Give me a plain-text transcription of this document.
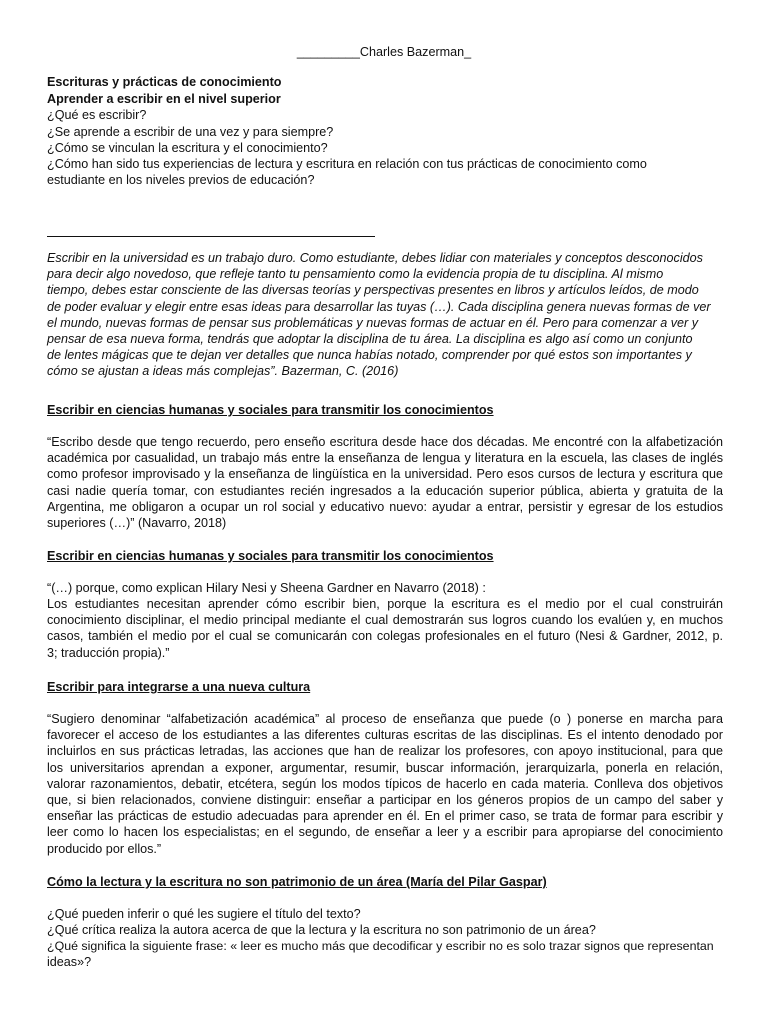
_________Charles Bazerman_
Escrituras y prácticas de conocimiento
Aprender a escribir en el nivel superior
¿Qué es escribir?
¿Se aprende a escribir de una vez y para siempre?
¿Cómo se vinculan la escritura y el conocimiento?
¿Cómo han sido tus experiencias de lectura y escritura en relación con tus prácticas de conocimiento como
estudiante en los niveles previos de educación?
Escribir en la universidad es un trabajo duro. Como estudiante, debes lidiar con materiales y conceptos desconocidos
para decir algo novedoso, que refleje tanto tu pensamiento como la evidencia propia de tu disciplina. Al mismo
tiempo, debes estar consciente de las diversas teorías y perspectivas presentes en libros y artículos leídos, de modo
de poder evaluar y elegir entre esas ideas para desarrollar las tuyas (…). Cada disciplina genera nuevas formas de ver
el mundo, nuevas formas de pensar sus problemáticas y nuevas formas de actuar en él. Pero para comenzar a ver y
pensar de esa nueva forma, tendrás que adoptar la disciplina de tu área. La disciplina es algo así como un conjunto
de lentes mágicas que te dejan ver detalles que nunca habías notado, comprender por qué estos son importantes y
cómo se ajustan a ideas más complejas”. Bazerman, C. (2016)
Escribir en ciencias humanas y sociales para transmitir los conocimientos
“Escribo desde que tengo recuerdo, pero enseño escritura desde hace dos décadas. Me encontré con la alfabetización
académica por casualidad, un trabajo más entre la enseñanza de lengua y literatura en la escuela, las clases de inglés
como profesor improvisado y la enseñanza de lingüística en la universidad. Pero esos cursos de lectura y escritura que
casi nadie quería tomar, con estudiantes recién ingresados a la educación superior pública, abierta y gratuita de la
Argentina, me obligaron a ocupar un rol social y educativo nuevo: ayudar a entrar, persistir y egresar de los estudios
superiores (…)” (Navarro, 2018)
Escribir en ciencias humanas y sociales para transmitir los conocimientos
“(…) porque, como explican Hilary Nesi y Sheena Gardner en Navarro (2018) :
Los estudiantes necesitan aprender cómo escribir bien, porque la escritura es el medio por el cual construirán
conocimiento disciplinar, el medio principal mediante el cual demostrarán sus logros cuando los evalúen y, en muchos
casos, también el medio por el cual se comunicarán con colegas profesionales en el futuro (Nesi & Gardner, 2012, p.
3; traducción propia).”
Escribir para integrarse a una nueva cultura
“Sugiero denominar “alfabetización académica” al proceso de enseñanza que puede (o ) ponerse en marcha para
favorecer el acceso de los estudiantes a las diferentes culturas escritas de las disciplinas. Es el intento denodado por
incluirlos en sus prácticas letradas, las acciones que han de realizar los profesores, con apoyo institucional, para que
los universitarios aprendan a exponer, argumentar, resumir, buscar información, jerarquizarla, ponerla en relación,
valorar razonamientos, debatir, etcétera, según los modos típicos de hacerlo en cada materia. Conlleva dos objetivos
que, si bien relacionados, conviene distinguir: enseñar a participar en los géneros propios de un campo del saber y
enseñar las prácticas de estudio adecuadas para aprender en él. En el primer caso, se trata de formar para escribir y
leer como lo hacen los especialistas; en el segundo, de enseñar a leer y a escribir para apropiarse del conocimiento
producido por ellos.”
Cómo la lectura y la escritura no son patrimonio de un área (María del Pilar Gaspar)
¿Qué pueden inferir o qué les sugiere el título del texto?
¿Qué crítica realiza la autora acerca de que la lectura y la escritura no son patrimonio de un área?
¿Qué significa la siguiente frase: « leer es mucho más que decodificar y escribir no es solo trazar signos que representan
ideas»?
